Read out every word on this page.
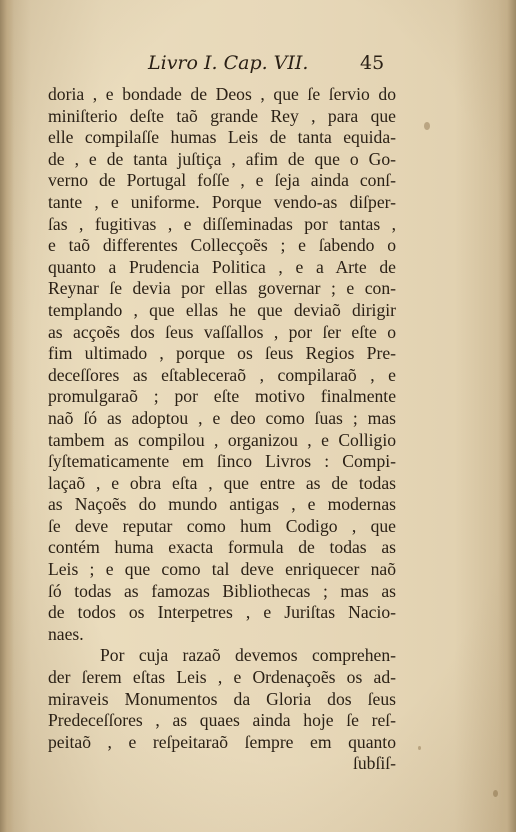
Livro I. Cap. VII.	45
doria , e bondade de Deos , que ſe ſervio do
miniſterio deſte taõ grande Rey , para que
elle compilaſſe humas Leis de tanta equida-
de , e de tanta juſtiça , afim de que o Go-
verno de Portugal foſſe , e ſeja ainda conſ-
tante , e uniforme. Porque vendo-as diſper-
ſas , fugitivas , e diſſeminadas por tantas ,
e taõ differentes Collecçoẽs ; e ſabendo o
quanto a Prudencia Politica , e a Arte de
Reynar ſe devia por ellas governar ; e con-
templando , que ellas he que deviaõ dirigir
as acçoẽs dos ſeus vaſſallos , por ſer eſte o
fim ultimado , porque os ſeus Regios Pre-
deceſſores as eſtableceraõ , compilaraõ , e
promulgaraõ ; por eſte motivo finalmente
naõ ſó as adoptou , e deo como ſuas ; mas
tambem as compilou , organizou , e Colligio
ſyſtematicamente em ſinco Livros : Compi-
laçaõ , e obra eſta , que entre as de todas
as Naçoẽs do mundo antigas , e modernas
ſe deve reputar como hum Codigo , que
contém huma exacta formula de todas as
Leis ; e que como tal deve enriquecer naõ
ſó todas as famozas Bibliothecas ; mas as
de todos os Interpetres , e Juriſtas Nacio-
naes.
Por cuja razaõ devemos comprehen-
der ſerem eſtas Leis , e Ordenaçoẽs os ad-
miraveis Monumentos da Gloria dos ſeus
Predeceſſores , as quaes ainda hoje ſe reſ-
peitaõ , e reſpeitaraõ ſempre em quanto
ſubſiſ-
